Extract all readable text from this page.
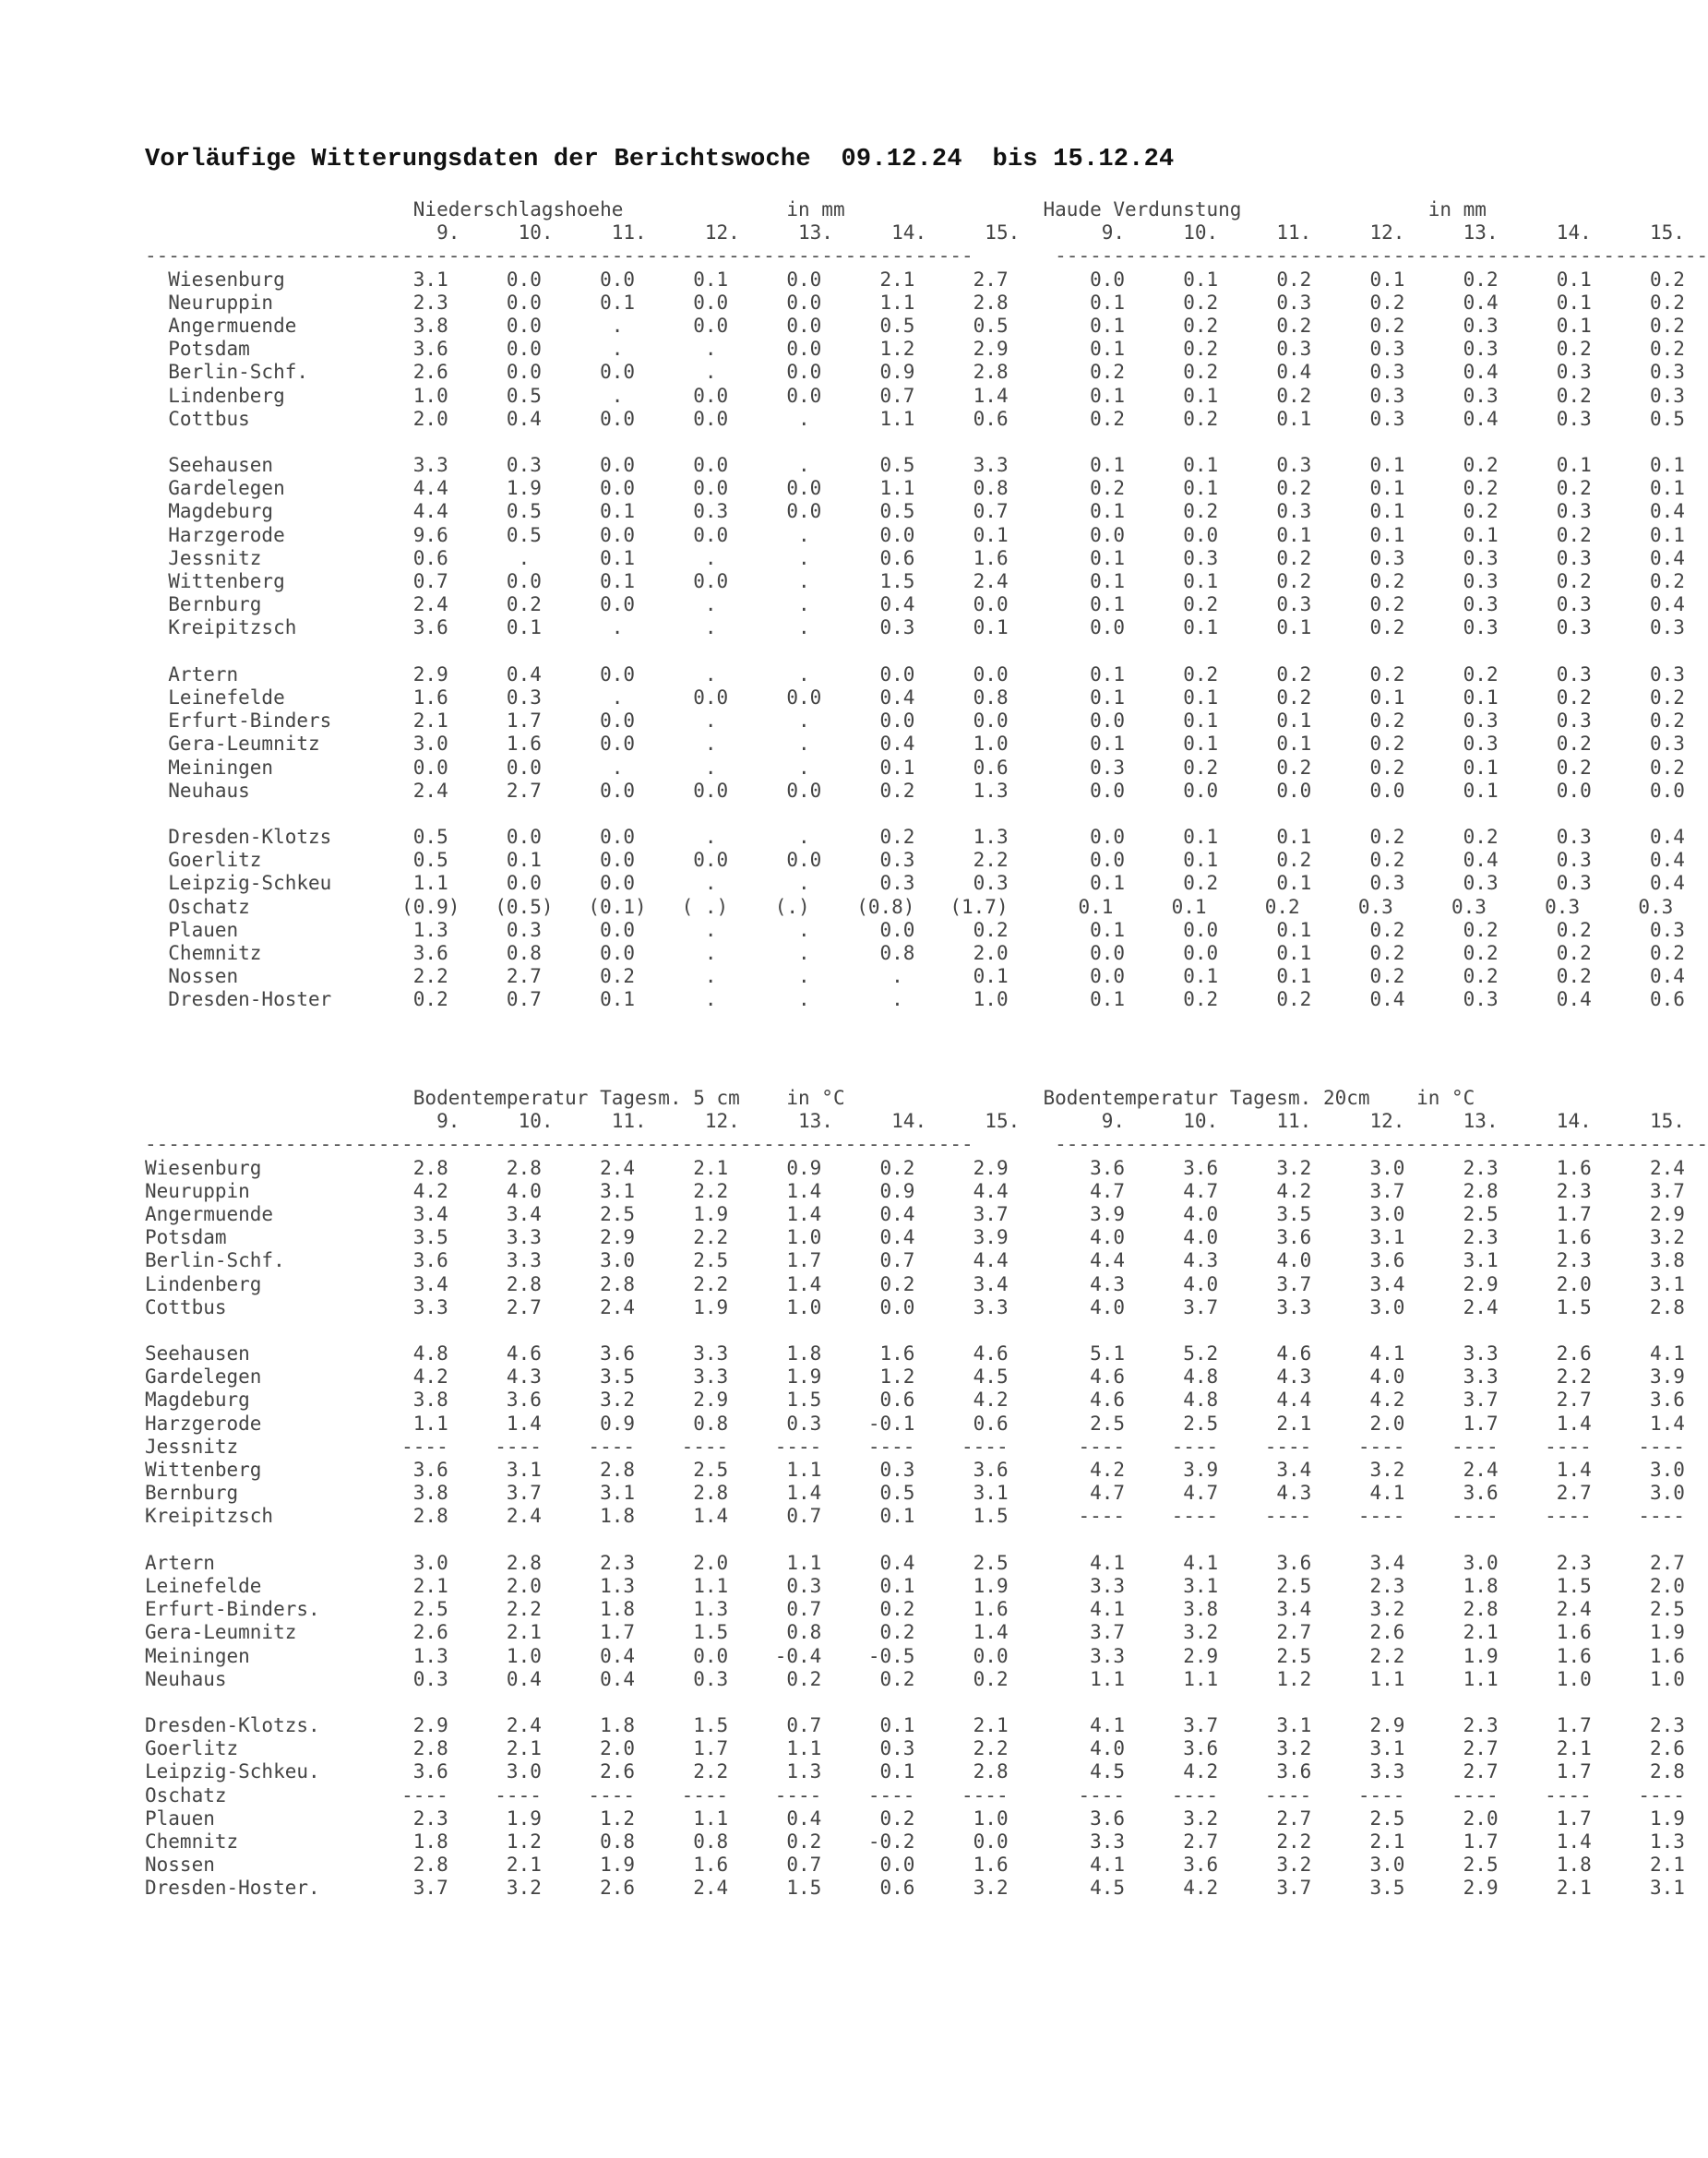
Vorläufige Witterungsdaten der Berichtswoche  09.12.24  bis 15.12.24
Niederschlagshoehe              in mm                 Haude Verdunstung                in mm
9.     10.     11.     12.     13.     14.     15.       9.     10.     11.     12.     13.     14.     15.
-----------------------------------------------------------------------       --------------------------------------------------------
Wiesenburg           3.1     0.0     0.0     0.1     0.0     2.1     2.7       0.0     0.1     0.2     0.1     0.2     0.1     0.2
Neuruppin            2.3     0.0     0.1     0.0     0.0     1.1     2.8       0.1     0.2     0.3     0.2     0.4     0.1     0.2
Angermuende          3.8     0.0      .      0.0     0.0     0.5     0.5       0.1     0.2     0.2     0.2     0.3     0.1     0.2
Potsdam              3.6     0.0      .       .      0.0     1.2     2.9       0.1     0.2     0.3     0.3     0.3     0.2     0.2
Berlin-Schf.         2.6     0.0     0.0      .      0.0     0.9     2.8       0.2     0.2     0.4     0.3     0.4     0.3     0.3
Lindenberg           1.0     0.5      .      0.0     0.0     0.7     1.4       0.1     0.1     0.2     0.3     0.3     0.2     0.3
Cottbus              2.0     0.4     0.0     0.0      .      1.1     0.6       0.2     0.2     0.1     0.3     0.4     0.3     0.5
Seehausen            3.3     0.3     0.0     0.0      .      0.5     3.3       0.1     0.1     0.3     0.1     0.2     0.1     0.1
Gardelegen           4.4     1.9     0.0     0.0     0.0     1.1     0.8       0.2     0.1     0.2     0.1     0.2     0.2     0.1
Magdeburg            4.4     0.5     0.1     0.3     0.0     0.5     0.7       0.1     0.2     0.3     0.1     0.2     0.3     0.4
Harzgerode           9.6     0.5     0.0     0.0      .      0.0     0.1       0.0     0.0     0.1     0.1     0.1     0.2     0.1
Jessnitz             0.6      .      0.1      .       .      0.6     1.6       0.1     0.3     0.2     0.3     0.3     0.3     0.4
Wittenberg           0.7     0.0     0.1     0.0      .      1.5     2.4       0.1     0.1     0.2     0.2     0.3     0.2     0.2
Bernburg             2.4     0.2     0.0      .       .      0.4     0.0       0.1     0.2     0.3     0.2     0.3     0.3     0.4
Kreipitzsch          3.6     0.1      .       .       .      0.3     0.1       0.0     0.1     0.1     0.2     0.3     0.3     0.3
Artern               2.9     0.4     0.0      .       .      0.0     0.0       0.1     0.2     0.2     0.2     0.2     0.3     0.3
Leinefelde           1.6     0.3      .      0.0     0.0     0.4     0.8       0.1     0.1     0.2     0.1     0.1     0.2     0.2
Erfurt-Binders       2.1     1.7     0.0      .       .      0.0     0.0       0.0     0.1     0.1     0.2     0.3     0.3     0.2
Gera-Leumnitz        3.0     1.6     0.0      .       .      0.4     1.0       0.1     0.1     0.1     0.2     0.3     0.2     0.3
Meiningen            0.0     0.0      .       .       .      0.1     0.6       0.3     0.2     0.2     0.2     0.1     0.2     0.2
Neuhaus              2.4     2.7     0.0     0.0     0.0     0.2     1.3       0.0     0.0     0.0     0.0     0.1     0.0     0.0
Dresden-Klotzs       0.5     0.0     0.0      .       .      0.2     1.3       0.0     0.1     0.1     0.2     0.2     0.3     0.4
Goerlitz             0.5     0.1     0.0     0.0     0.0     0.3     2.2       0.0     0.1     0.2     0.2     0.4     0.3     0.4
Leipzig-Schkeu       1.1     0.0     0.0      .       .      0.3     0.3       0.1     0.2     0.1     0.3     0.3     0.3     0.4
Oschatz             (0.9)   (0.5)   (0.1)   ( .)    (.)    (0.8)   (1.7)      0.1     0.1     0.2     0.3     0.3     0.3     0.3
Plauen               1.3     0.3     0.0      .       .      0.0     0.2       0.1     0.0     0.1     0.2     0.2     0.2     0.3
Chemnitz             3.6     0.8     0.0      .       .      0.8     2.0       0.0     0.0     0.1     0.2     0.2     0.2     0.2
Nossen               2.2     2.7     0.2      .       .       .      0.1       0.0     0.1     0.1     0.2     0.2     0.2     0.4
Dresden-Hoster       0.2     0.7     0.1      .       .       .      1.0       0.1     0.2     0.2     0.4     0.3     0.4     0.6
Bodentemperatur Tagesm. 5 cm    in °C                 Bodentemperatur Tagesm. 20cm    in °C
9.     10.     11.     12.     13.     14.     15.       9.     10.     11.     12.     13.     14.     15.
-----------------------------------------------------------------------       --------------------------------------------------------
Wiesenburg             2.8     2.8     2.4     2.1     0.9     0.2     2.9       3.6     3.6     3.2     3.0     2.3     1.6     2.4
Neuruppin              4.2     4.0     3.1     2.2     1.4     0.9     4.4       4.7     4.7     4.2     3.7     2.8     2.3     3.7
Angermuende            3.4     3.4     2.5     1.9     1.4     0.4     3.7       3.9     4.0     3.5     3.0     2.5     1.7     2.9
Potsdam                3.5     3.3     2.9     2.2     1.0     0.4     3.9       4.0     4.0     3.6     3.1     2.3     1.6     3.2
Berlin-Schf.           3.6     3.3     3.0     2.5     1.7     0.7     4.4       4.4     4.3     4.0     3.6     3.1     2.3     3.8
Lindenberg             3.4     2.8     2.8     2.2     1.4     0.2     3.4       4.3     4.0     3.7     3.4     2.9     2.0     3.1
Cottbus                3.3     2.7     2.4     1.9     1.0     0.0     3.3       4.0     3.7     3.3     3.0     2.4     1.5     2.8
Seehausen              4.8     4.6     3.6     3.3     1.8     1.6     4.6       5.1     5.2     4.6     4.1     3.3     2.6     4.1
Gardelegen             4.2     4.3     3.5     3.3     1.9     1.2     4.5       4.6     4.8     4.3     4.0     3.3     2.2     3.9
Magdeburg              3.8     3.6     3.2     2.9     1.5     0.6     4.2       4.6     4.8     4.4     4.2     3.7     2.7     3.6
Harzgerode             1.1     1.4     0.9     0.8     0.3    -0.1     0.6       2.5     2.5     2.1     2.0     1.7     1.4     1.4
Jessnitz              ----    ----    ----    ----    ----    ----    ----      ----    ----    ----    ----    ----    ----    ----
Wittenberg             3.6     3.1     2.8     2.5     1.1     0.3     3.6       4.2     3.9     3.4     3.2     2.4     1.4     3.0
Bernburg               3.8     3.7     3.1     2.8     1.4     0.5     3.1       4.7     4.7     4.3     4.1     3.6     2.7     3.0
Kreipitzsch            2.8     2.4     1.8     1.4     0.7     0.1     1.5      ----    ----    ----    ----    ----    ----    ----
Artern                 3.0     2.8     2.3     2.0     1.1     0.4     2.5       4.1     4.1     3.6     3.4     3.0     2.3     2.7
Leinefelde             2.1     2.0     1.3     1.1     0.3     0.1     1.9       3.3     3.1     2.5     2.3     1.8     1.5     2.0
Erfurt-Binders.        2.5     2.2     1.8     1.3     0.7     0.2     1.6       4.1     3.8     3.4     3.2     2.8     2.4     2.5
Gera-Leumnitz          2.6     2.1     1.7     1.5     0.8     0.2     1.4       3.7     3.2     2.7     2.6     2.1     1.6     1.9
Meiningen              1.3     1.0     0.4     0.0    -0.4    -0.5     0.0       3.3     2.9     2.5     2.2     1.9     1.6     1.6
Neuhaus                0.3     0.4     0.4     0.3     0.2     0.2     0.2       1.1     1.1     1.2     1.1     1.1     1.0     1.0
Dresden-Klotzs.        2.9     2.4     1.8     1.5     0.7     0.1     2.1       4.1     3.7     3.1     2.9     2.3     1.7     2.3
Goerlitz               2.8     2.1     2.0     1.7     1.1     0.3     2.2       4.0     3.6     3.2     3.1     2.7     2.1     2.6
Leipzig-Schkeu.        3.6     3.0     2.6     2.2     1.3     0.1     2.8       4.5     4.2     3.6     3.3     2.7     1.7     2.8
Oschatz               ----    ----    ----    ----    ----    ----    ----      ----    ----    ----    ----    ----    ----    ----
Plauen                 2.3     1.9     1.2     1.1     0.4     0.2     1.0       3.6     3.2     2.7     2.5     2.0     1.7     1.9
Chemnitz               1.8     1.2     0.8     0.8     0.2    -0.2     0.0       3.3     2.7     2.2     2.1     1.7     1.4     1.3
Nossen                 2.8     2.1     1.9     1.6     0.7     0.0     1.6       4.1     3.6     3.2     3.0     2.5     1.8     2.1
Dresden-Hoster.        3.7     3.2     2.6     2.4     1.5     0.6     3.2       4.5     4.2     3.7     3.5     2.9     2.1     3.1
